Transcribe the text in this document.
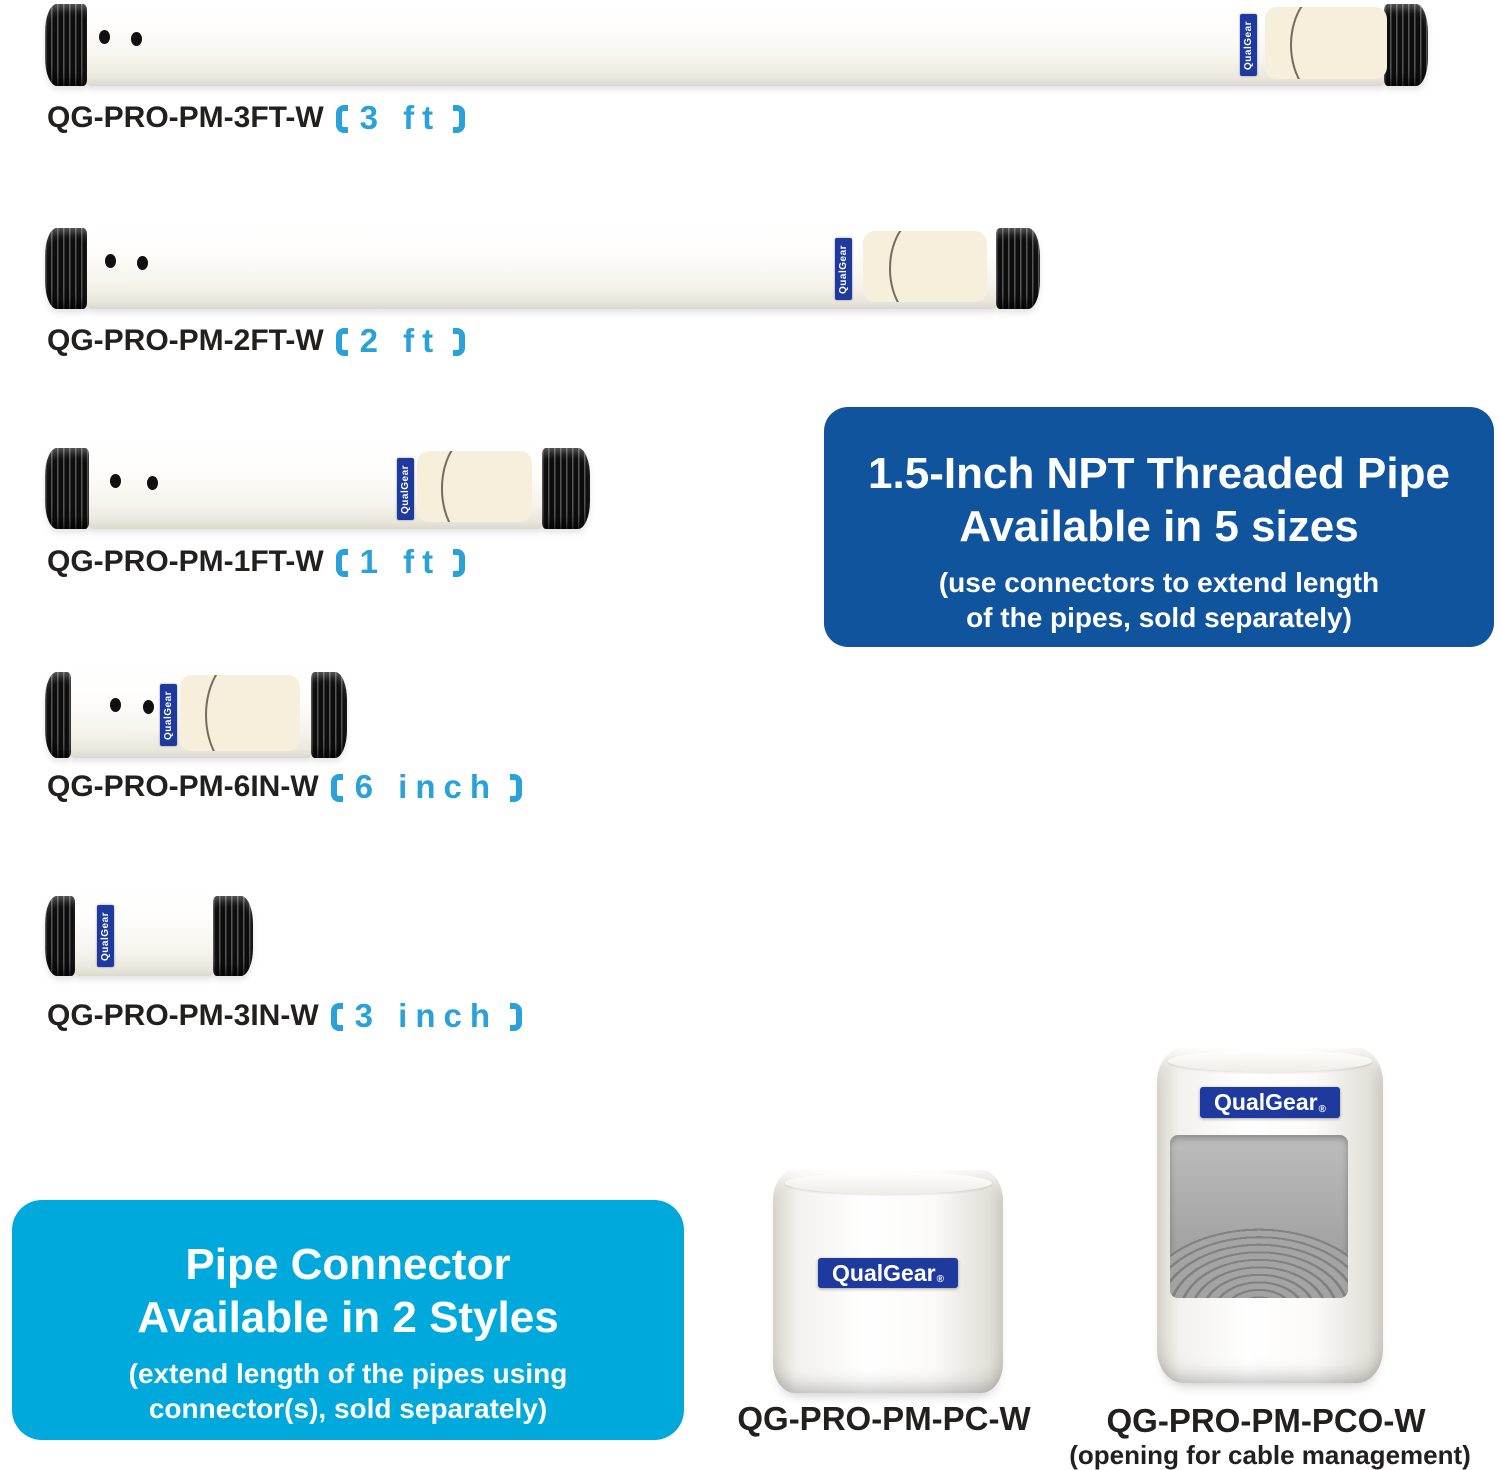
QualGear
QG-PRO-PM-3FT-W 3 ft
QualGear
QG-PRO-PM-2FT-W 2 ft
QualGear
QG-PRO-PM-1FT-W 1 ft
QualGear
QG-PRO-PM-6IN-W 6 inch
QualGear
QG-PRO-PM-3IN-W 3 inch
1.5-Inch NPT Threaded Pipe
Available in 5 sizes
(use connectors to extend length
of the pipes, sold separately)
Pipe Connector
Available in 2 Styles
(extend length of the pipes using
connector(s), sold separately)
QualGear ®
QG-PRO-PM-PC-W
QualGear ®
QG-PRO-PM-PCO-W
(opening for cable management)
